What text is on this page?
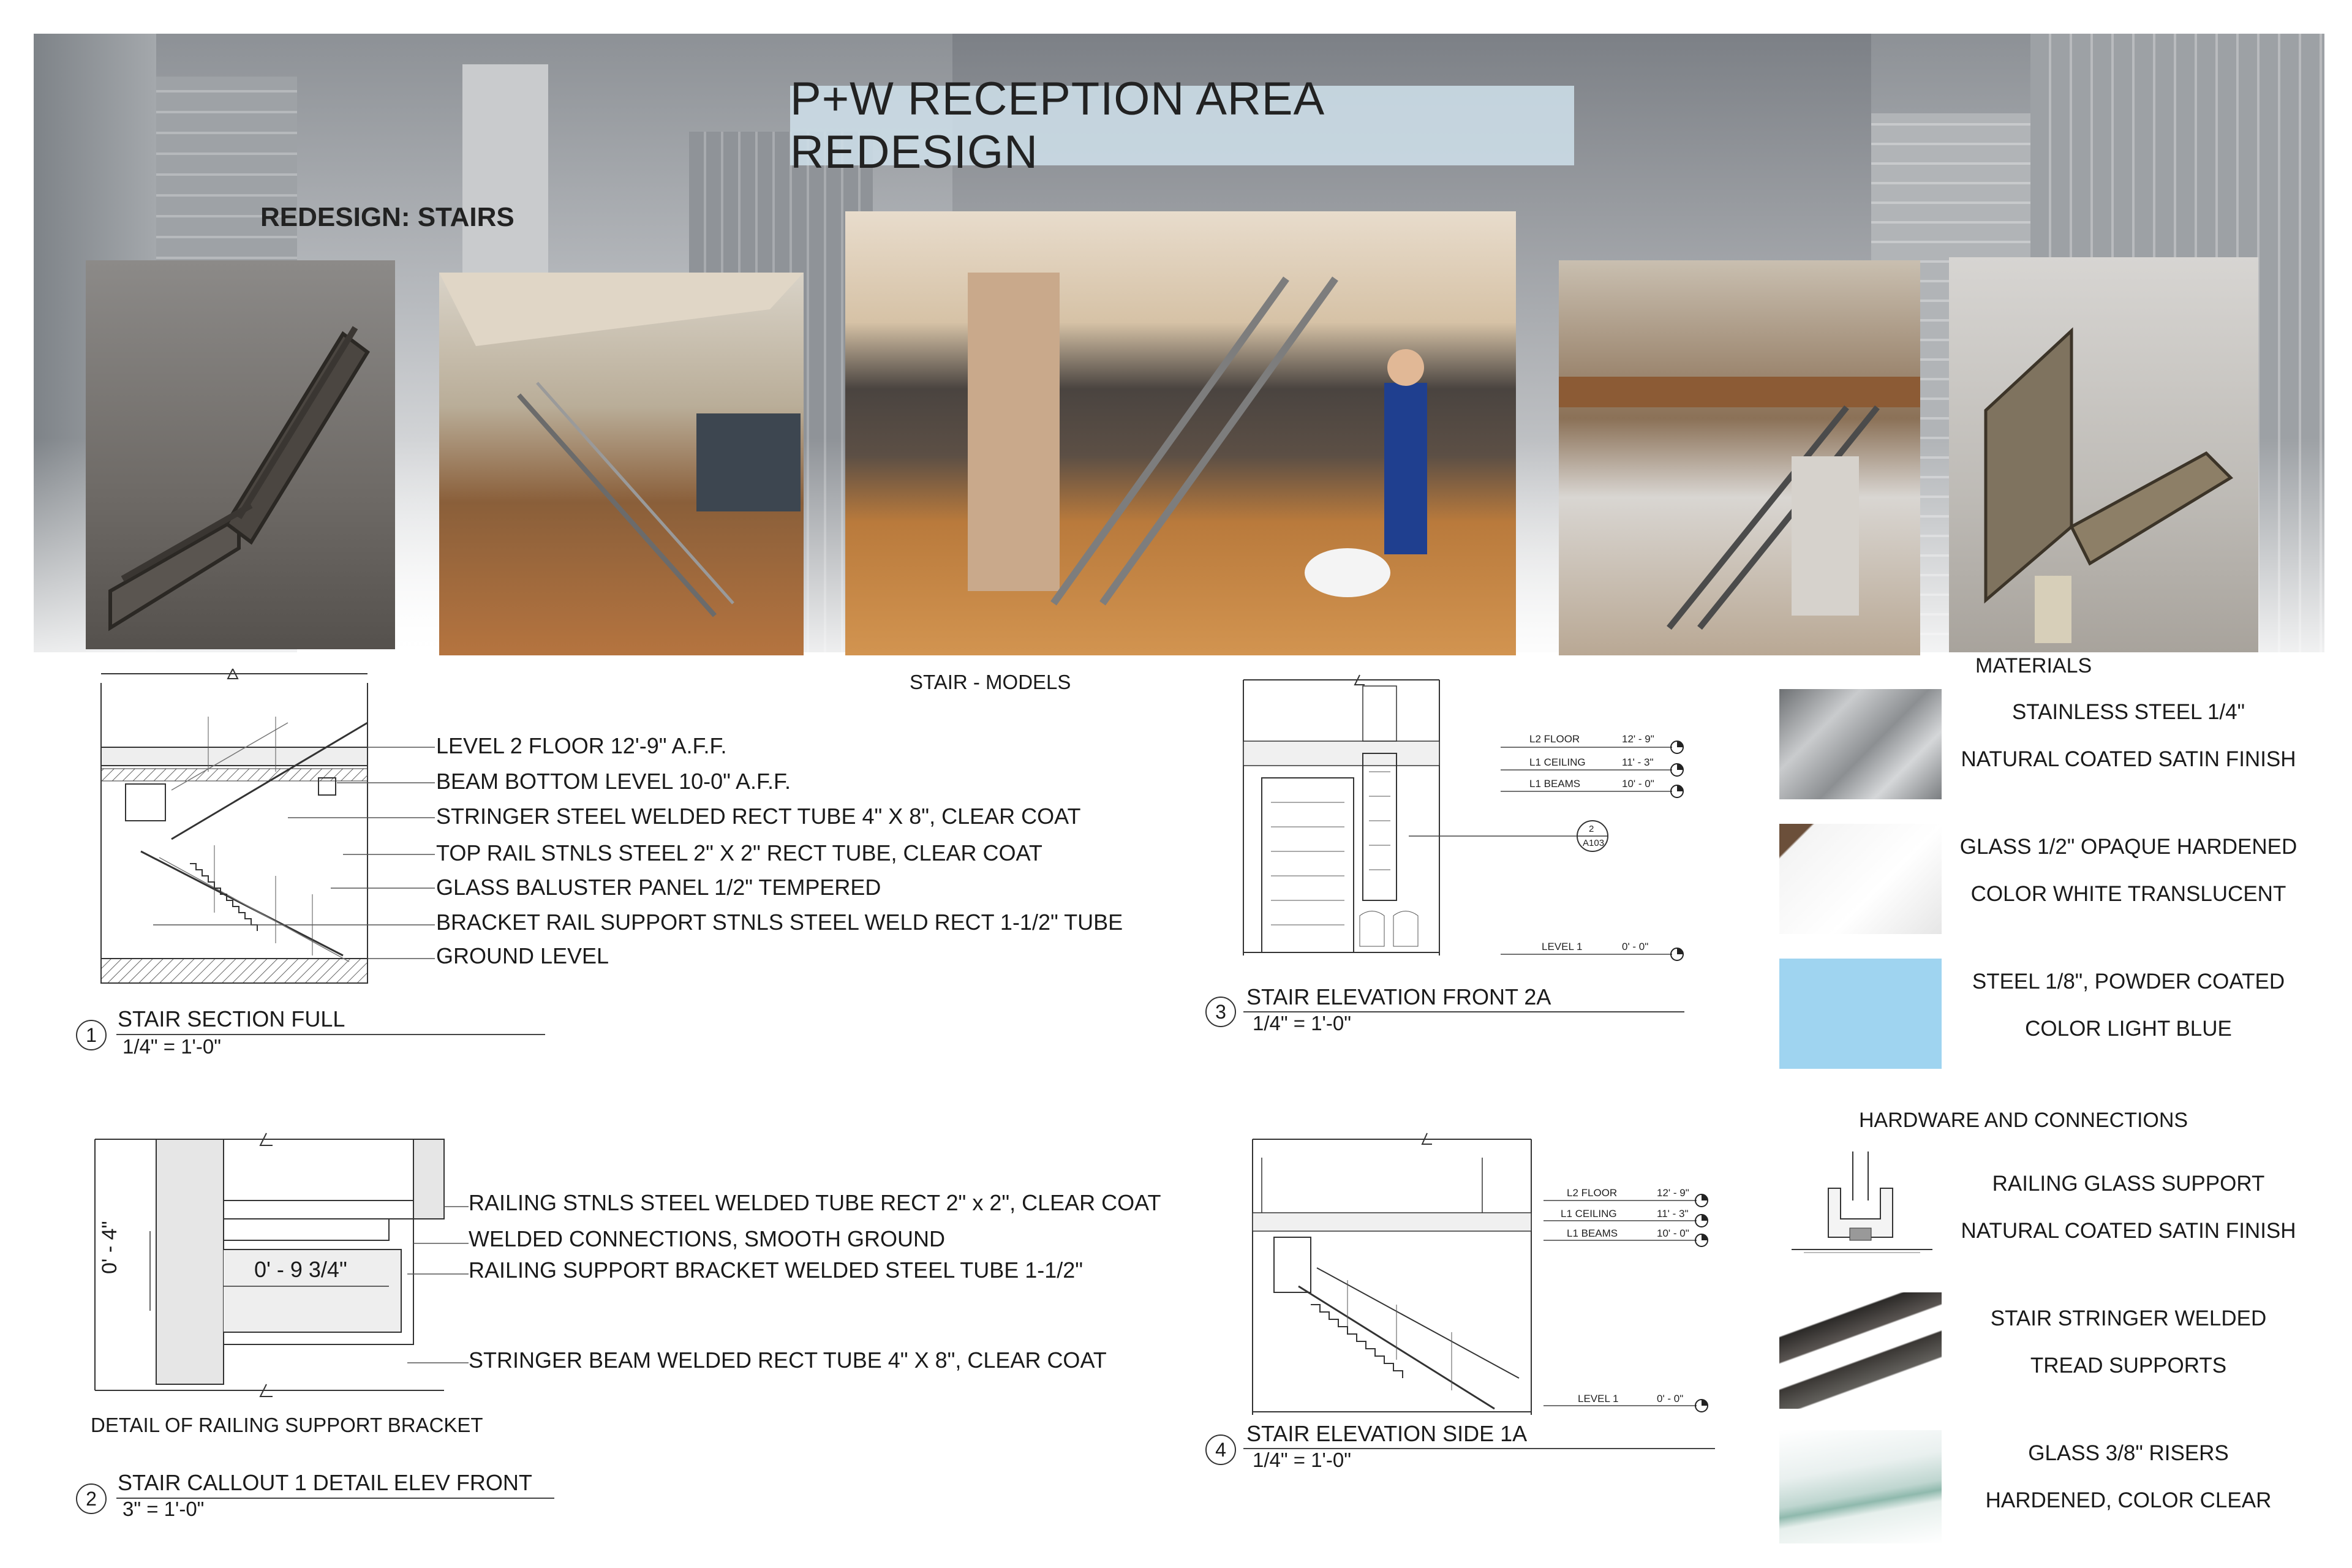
P+W RECEPTION AREA REDESIGN
REDESIGN: STAIRS
STAIR - MODELS
LEVEL 2 FLOOR 12'-9" A.F.F.
BEAM BOTTOM LEVEL 10-0" A.F.F.
STRINGER STEEL WELDED RECT TUBE 4" X 8", CLEAR COAT
TOP RAIL STNLS STEEL 2" X 2" RECT TUBE, CLEAR COAT
GLASS BALUSTER PANEL 1/2" TEMPERED
BRACKET RAIL SUPPORT STNLS STEEL WELD RECT 1-1/2" TUBE
GROUND LEVEL
1
STAIR SECTION FULL
1/4" = 1'-0"
0' - 9 3/4"
0' - 4"
RAILING STNLS STEEL WELDED TUBE RECT 2" x 2", CLEAR COAT
WELDED CONNECTIONS, SMOOTH GROUND
RAILING SUPPORT BRACKET WELDED STEEL TUBE 1-1/2"
STRINGER BEAM WELDED RECT TUBE 4" X 8", CLEAR COAT
DETAIL OF RAILING SUPPORT BRACKET
2
STAIR CALLOUT 1 DETAIL ELEV FRONT
3" = 1'-0"
L2 FLOOR	12' - 9"
L1 CEILING	11' - 3"
L1 BEAMS	10' - 0"
LEVEL 1	0' - 0"
2
A103
3
STAIR ELEVATION FRONT 2A
1/4" = 1'-0"
L2 FLOOR	12' - 9"
L1 CEILING	11' - 3"
L1 BEAMS	10' - 0"
LEVEL 1	0' - 0"
4
STAIR ELEVATION SIDE 1A
1/4" = 1'-0"
MATERIALS
STAINLESS STEEL 1/4"
NATURAL COATED SATIN FINISH
GLASS 1/2" OPAQUE HARDENED
COLOR WHITE TRANSLUCENT
STEEL 1/8", POWDER COATED
COLOR LIGHT BLUE
HARDWARE AND CONNECTIONS
RAILING GLASS SUPPORT
NATURAL COATED SATIN FINISH
STAIR STRINGER WELDED
TREAD SUPPORTS
GLASS 3/8" RISERS
HARDENED, COLOR CLEAR
